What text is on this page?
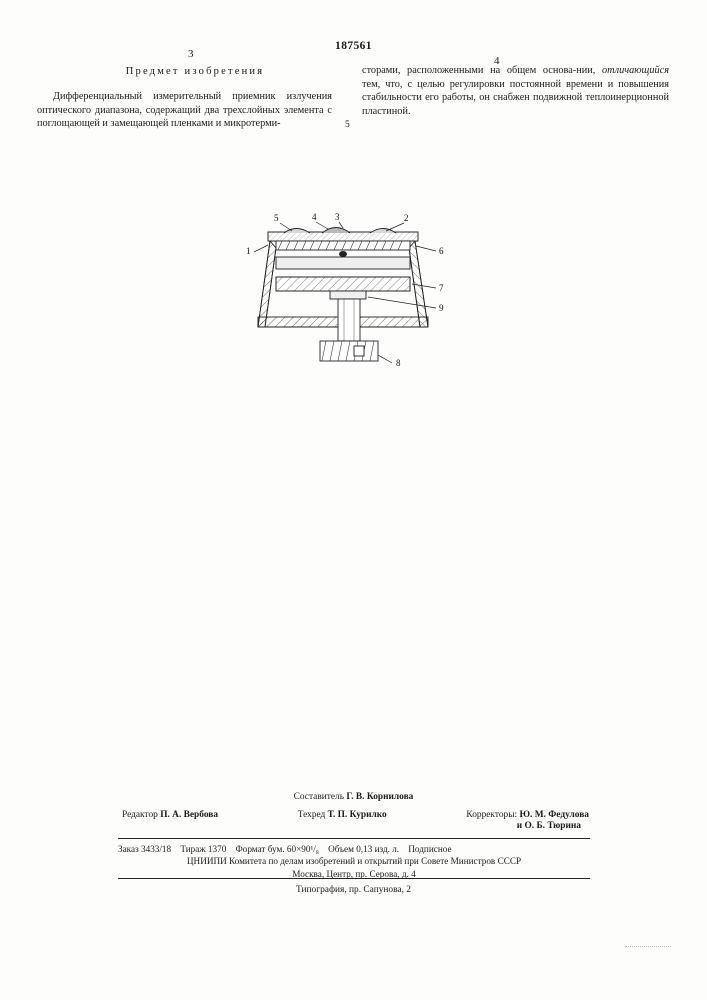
187561
3
4
Предмет изобретения
Дифференциальный измерительный приемник излучения оптического диапазона, содержащий два трехслойных элемента с поглощающей и замещающей пленками и микротерми-	5
сторами, расположенными на общем основа-нии, отличающийся тем, что, с целью регулировки постоянной времени и повышения стабильности его работы, он снабжен подвижной теплоинерционной пластиной.
5	4 3	2
1	6
7
9
8
Составитель Г. В. Корнилова
Редактор П. А. Вербова	Техред Т. П. Курилко	Корректоры: Ю. М. Федулова
и О. Б. Тюрина
Заказ 3433/18 Тираж 1370 Формат бум. 60×90¹/₈ Объем 0,13 изд. л. Подписное
ЦНИИПИ Комитета по делам изобретений и открытий при Совете Министров СССР
Москва, Центр, пр. Серова, д. 4
Типография, пр. Сапунова, 2
